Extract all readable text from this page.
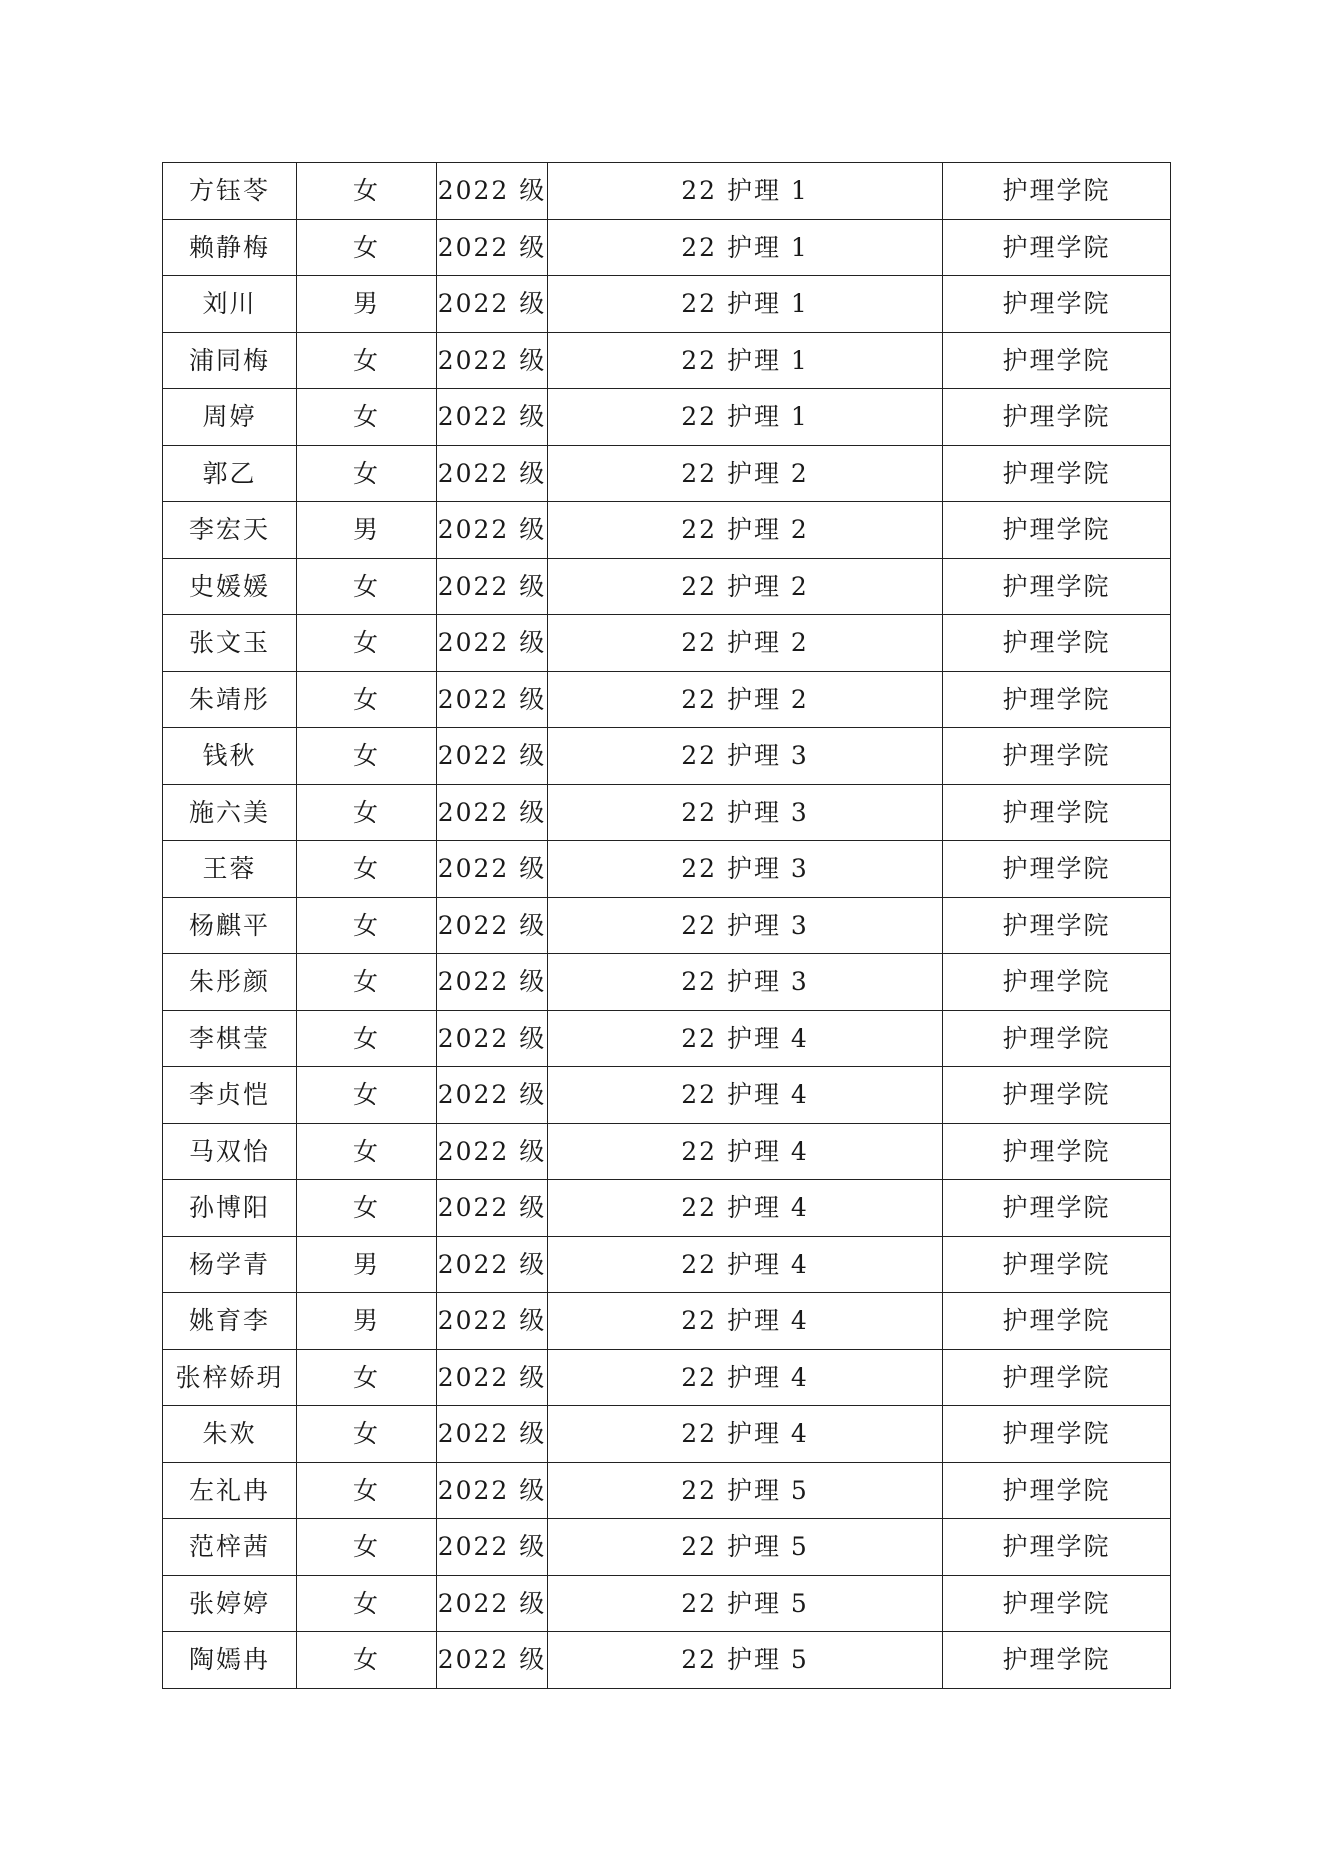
方钰苓	女	2022 级	22 护理 1	护理学院
赖静梅	女	2022 级	22 护理 1	护理学院
刘川	男	2022 级	22 护理 1	护理学院
浦同梅	女	2022 级	22 护理 1	护理学院
周婷	女	2022 级	22 护理 1	护理学院
郭乙	女	2022 级	22 护理 2	护理学院
李宏天	男	2022 级	22 护理 2	护理学院
史媛媛	女	2022 级	22 护理 2	护理学院
张文玉	女	2022 级	22 护理 2	护理学院
朱靖彤	女	2022 级	22 护理 2	护理学院
钱秋	女	2022 级	22 护理 3	护理学院
施六美	女	2022 级	22 护理 3	护理学院
王蓉	女	2022 级	22 护理 3	护理学院
杨麒平	女	2022 级	22 护理 3	护理学院
朱彤颜	女	2022 级	22 护理 3	护理学院
李棋莹	女	2022 级	22 护理 4	护理学院
李贞恺	女	2022 级	22 护理 4	护理学院
马双怡	女	2022 级	22 护理 4	护理学院
孙博阳	女	2022 级	22 护理 4	护理学院
杨学青	男	2022 级	22 护理 4	护理学院
姚育李	男	2022 级	22 护理 4	护理学院
张梓娇玥	女	2022 级	22 护理 4	护理学院
朱欢	女	2022 级	22 护理 4	护理学院
左礼冉	女	2022 级	22 护理 5	护理学院
范梓茜	女	2022 级	22 护理 5	护理学院
张婷婷	女	2022 级	22 护理 5	护理学院
陶嫣冉	女	2022 级	22 护理 5	护理学院
